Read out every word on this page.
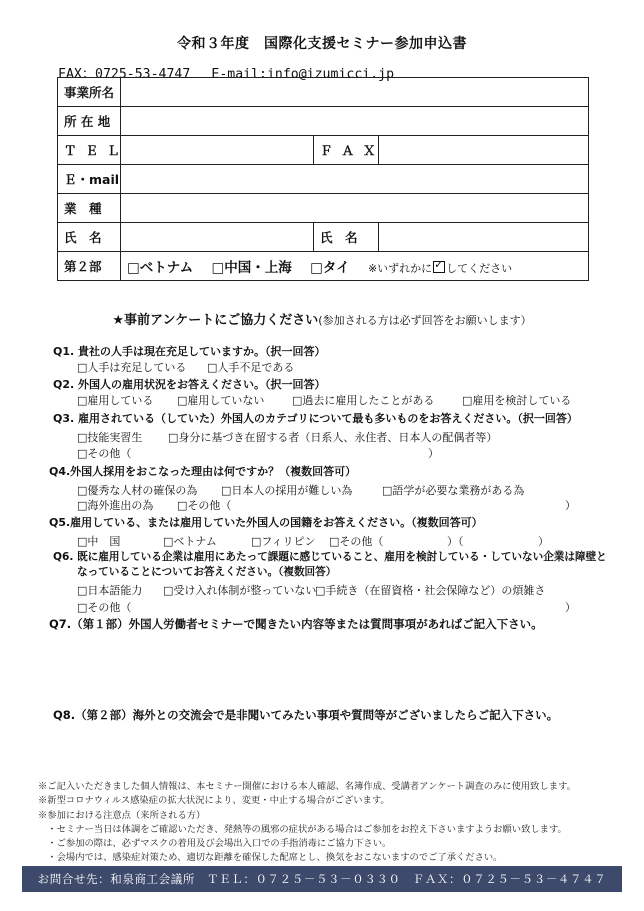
令和３年度　国際化支援セミナー参加申込書
FAX：0725-53-4747　 E-mail:info@izumicci.jp
事業所名			
所 在 地			
ＴＥＬ		ＦＡＸ	
Ｅ・mail			
業　種			
氏　名		氏　名	
第２部	□ベトナム □中国・上海 □タイ ※いずれかに ✓ してください
★事前アンケートにご協力ください(参加される方は必ず回答をお願いします）
Q1. 貴社の人手は現在充足していますか。（択一回答）
□人手は充足している □人手不足である
Q2. 外国人の雇用状況をお答えください。（択一回答）
□雇用している □雇用していない	□過去に雇用したことがある	□雇用を検討している
Q3. 雇用されている（していた）外国人のカテゴリについて最も多いものをお答えください。（択一回答）
□技能実習生 □身分に基づき在留する者（日系人、永住者、日本人の配偶者等）
□その他（	）
Q4.外国人採用をおこなった理由は何ですか？（複数回答可）
□優秀な人材の確保の為 □日本人の採用が難しい為	□語学が必要な業務がある為
□海外進出の為 □その他（	）
Q5.雇用している、または雇用していた外国人の国籍をお答えください。（複数回答可）
□中　国	□ベトナム	□フィリピン □その他（	）（	）
Q6. 既に雇用している企業は雇用にあたって課題に感じていること、雇用を検討している・していない企業は障壁と
なっていることについてお答えください。（複数回答）
□日本語能力 □受け入れ体制が整っていない
□手続き（在留資格・社会保障など）の煩雑さ
□その他（	）
Q7.（第１部）外国人労働者セミナーで聞きたい内容等または質問事項があればご記入下さい。
Q8.（第２部）海外との交流会で是非聞いてみたい事項や質問等がございましたらご記入下さい。
※ご記入いただきました個人情報は、本セミナー開催における本人確認、名簿作成、受講者アンケート調査のみに使用致します。
※新型コロナウィルス感染症の拡大状況により、変更・中止する場合がございます。
※参加における注意点（来所される方）
　・セミナー当日は体調をご確認いただき、発熱等の風邪の症状がある場合はご参加をお控え下さいますようお願い致します。
　・ご参加の際は、必ずマスクの着用及び会場出入口での手指消毒にご協力下さい。
　・会場内では、感染症対策ため、適切な距離を確保した配席とし、換気をおこないますのでご了承ください。
お問合せ先：和泉商工会議所　ＴＥＬ：０７２５－５３－０３３０　ＦＡＸ：０７２５－５３－４７４７
